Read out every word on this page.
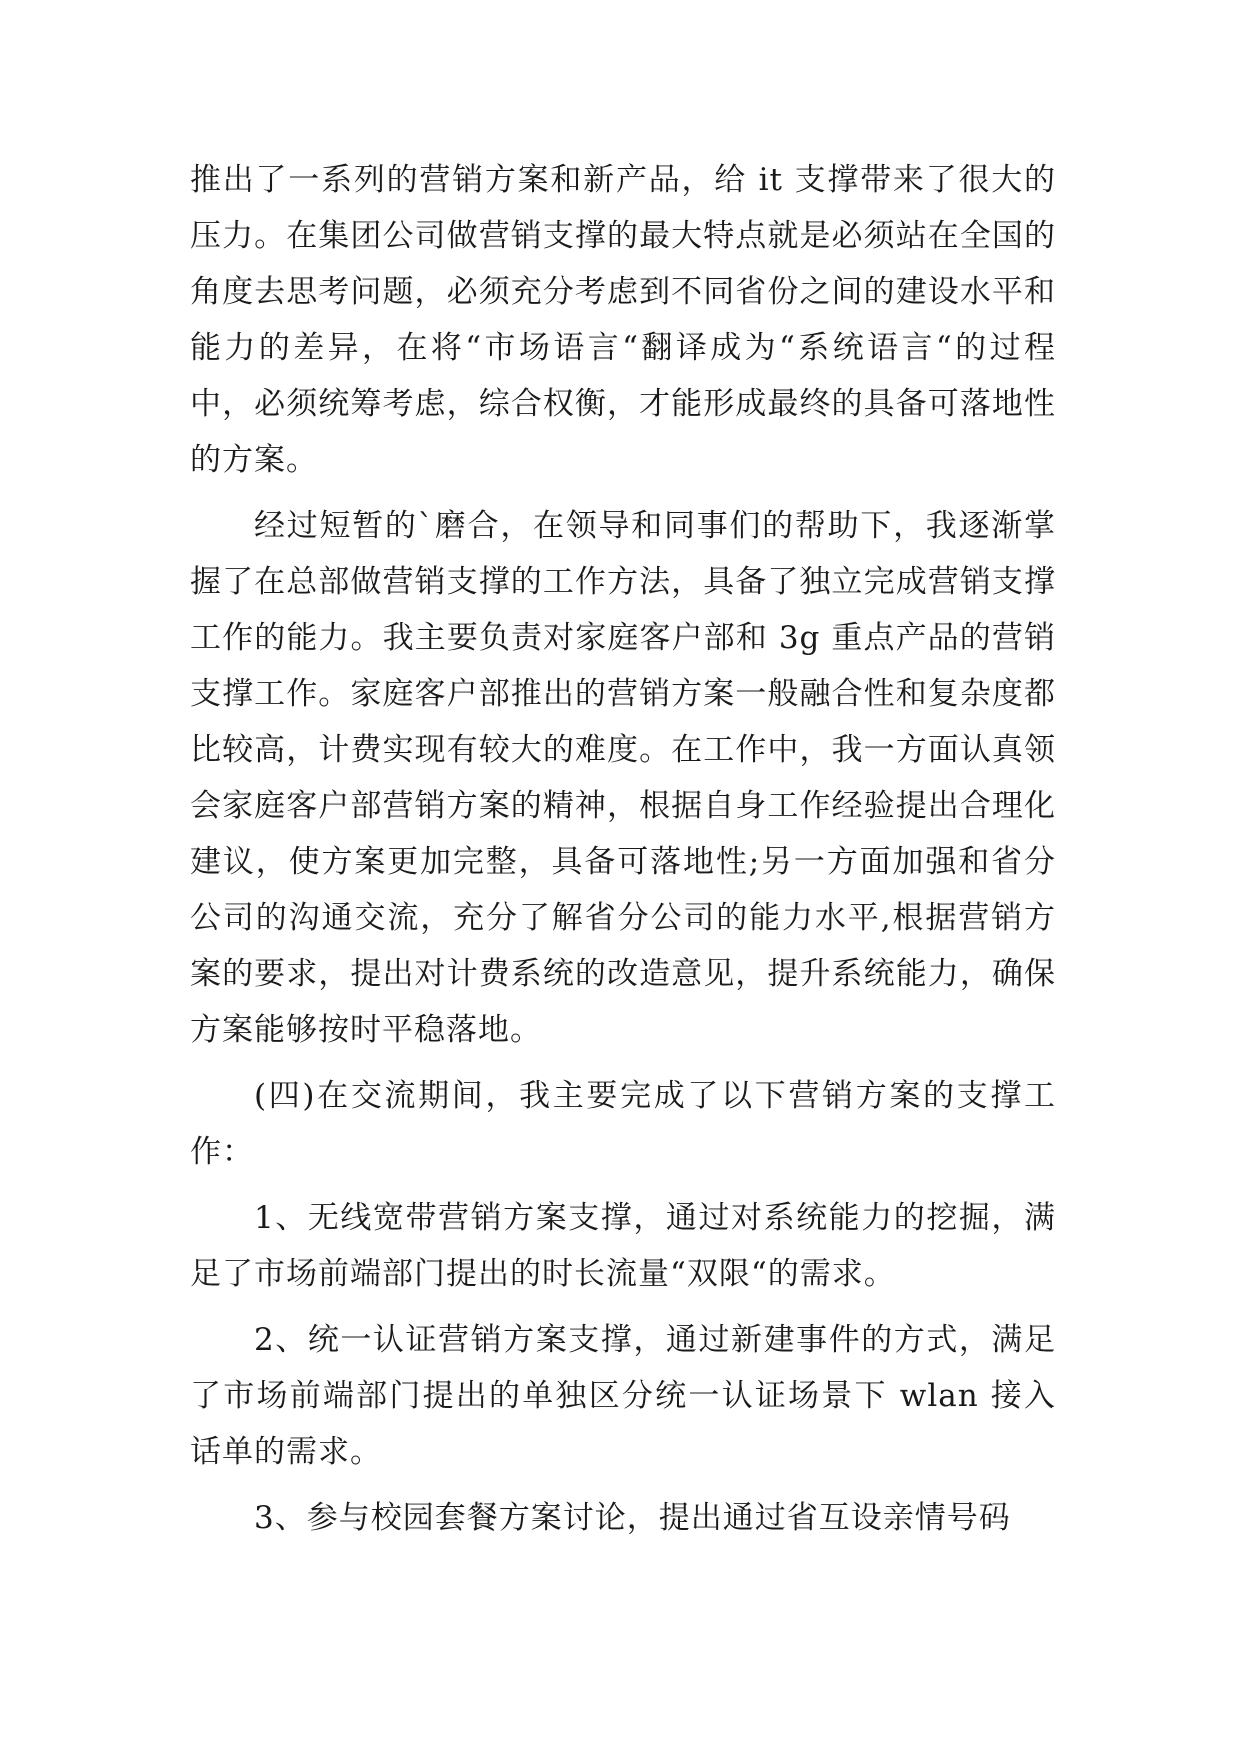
推出了一系列的营销方案和新产品，给 it 支撑带来了很大的压力。在集团公司做营销支撑的最大特点就是必须站在全国的角度去思考问题，必须充分考虑到不同省份之间的建设水平和能力的差异，在将“市场语言“翻译成为“系统语言“的过程中，必须统筹考虑，综合权衡，才能形成最终的具备可落地性的方案。

经过短暂的`磨合，在领导和同事们的帮助下，我逐渐掌握了在总部做营销支撑的工作方法，具备了独立完成营销支撑工作的能力。我主要负责对家庭客户部和 3g 重点产品的营销支撑工作。家庭客户部推出的营销方案一般融合性和复杂度都比较高，计费实现有较大的难度。在工作中，我一方面认真领会家庭客户部营销方案的精神，根据自身工作经验提出合理化建议，使方案更加完整，具备可落地性;另一方面加强和省分公司的沟通交流，充分了解省分公司的能力水平,根据营销方案的要求，提出对计费系统的改造意见，提升系统能力，确保方案能够按时平稳落地。

(四)在交流期间，我主要完成了以下营销方案的支撑工作：

1、无线宽带营销方案支撑，通过对系统能力的挖掘，满足了市场前端部门提出的时长流量“双限“的需求。

2、统一认证营销方案支撑，通过新建事件的方式，满足了市场前端部门提出的单独区分统一认证场景下 wlan 接入话单的需求。

3、参与校园套餐方案讨论，提出通过省互设亲情号码
